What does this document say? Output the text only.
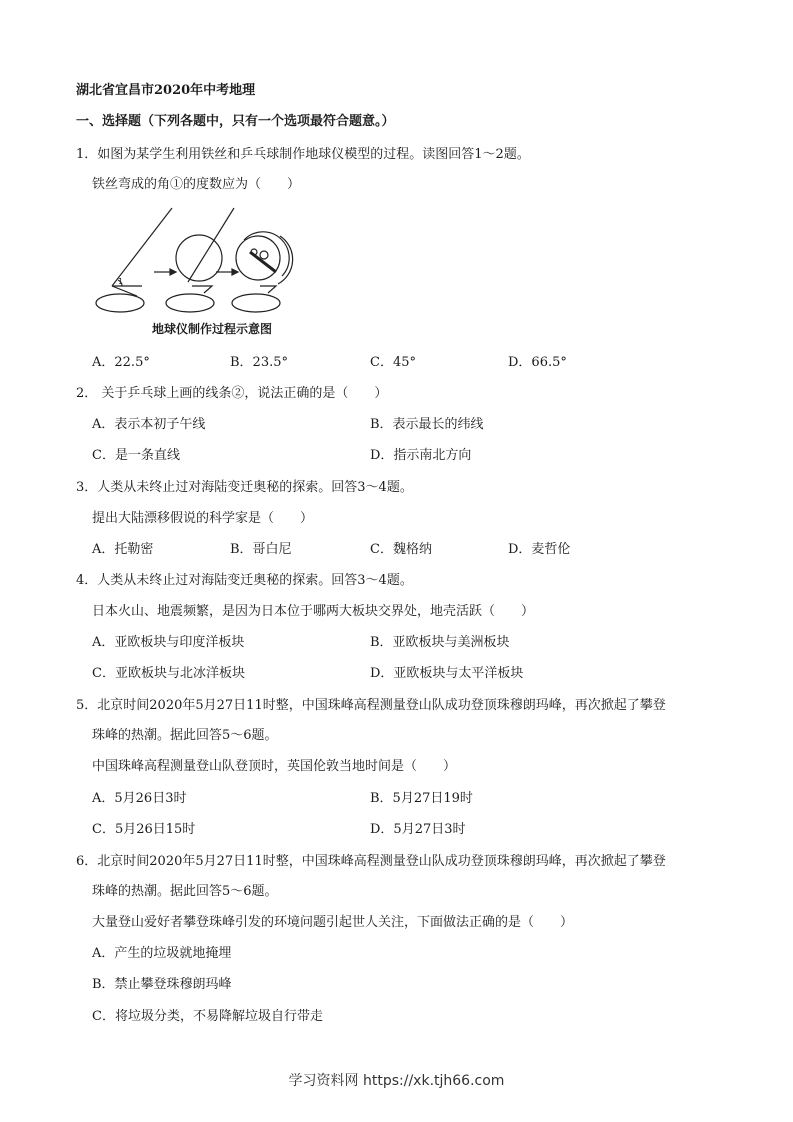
湖北省宜昌市2020年中考地理
一、选择题（下列各题中，只有一个选项最符合题意。）
1．如图为某学生利用铁丝和乒乓球制作地球仪模型的过程。读图回答1～2题。
铁丝弯成的角①的度数应为（　　）
1
地球仪制作过程示意图
A．22.5°	B．23.5°	C．45°	D．66.5°
2． 关于乒乓球上画的线条②，说法正确的是（　　）
A．表示本初子午线	B．表示最长的纬线
C．是一条直线	D．指示南北方向
3．人类从未终止过对海陆变迁奥秘的探索。回答3～4题。
提出大陆漂移假说的科学家是（　　）
A．托勒密	B．哥白尼	C．魏格纳	D．麦哲伦
4．人类从未终止过对海陆变迁奥秘的探索。回答3～4题。
日本火山、地震频繁，是因为日本位于哪两大板块交界处，地壳活跃（　　）
A．亚欧板块与印度洋板块	B．亚欧板块与美洲板块
C．亚欧板块与北冰洋板块	D．亚欧板块与太平洋板块
5．北京时间2020年5月27日11时整，中国珠峰高程测量登山队成功登顶珠穆朗玛峰，再次掀起了攀登
珠峰的热潮。据此回答5～6题。
中国珠峰高程测量登山队登顶时，英国伦敦当地时间是（　　）
A．5月26日3时	B．5月27日19时
C．5月26日15时	D．5月27日3时
6．北京时间2020年5月27日11时整，中国珠峰高程测量登山队成功登顶珠穆朗玛峰，再次掀起了攀登
珠峰的热潮。据此回答5～6题。
大量登山爱好者攀登珠峰引发的环境问题引起世人关注，下面做法正确的是（　　）
A．产生的垃圾就地掩埋
B．禁止攀登珠穆朗玛峰
C．将垃圾分类，不易降解垃圾自行带走
学习资料网 https://xk.tjh66.com
